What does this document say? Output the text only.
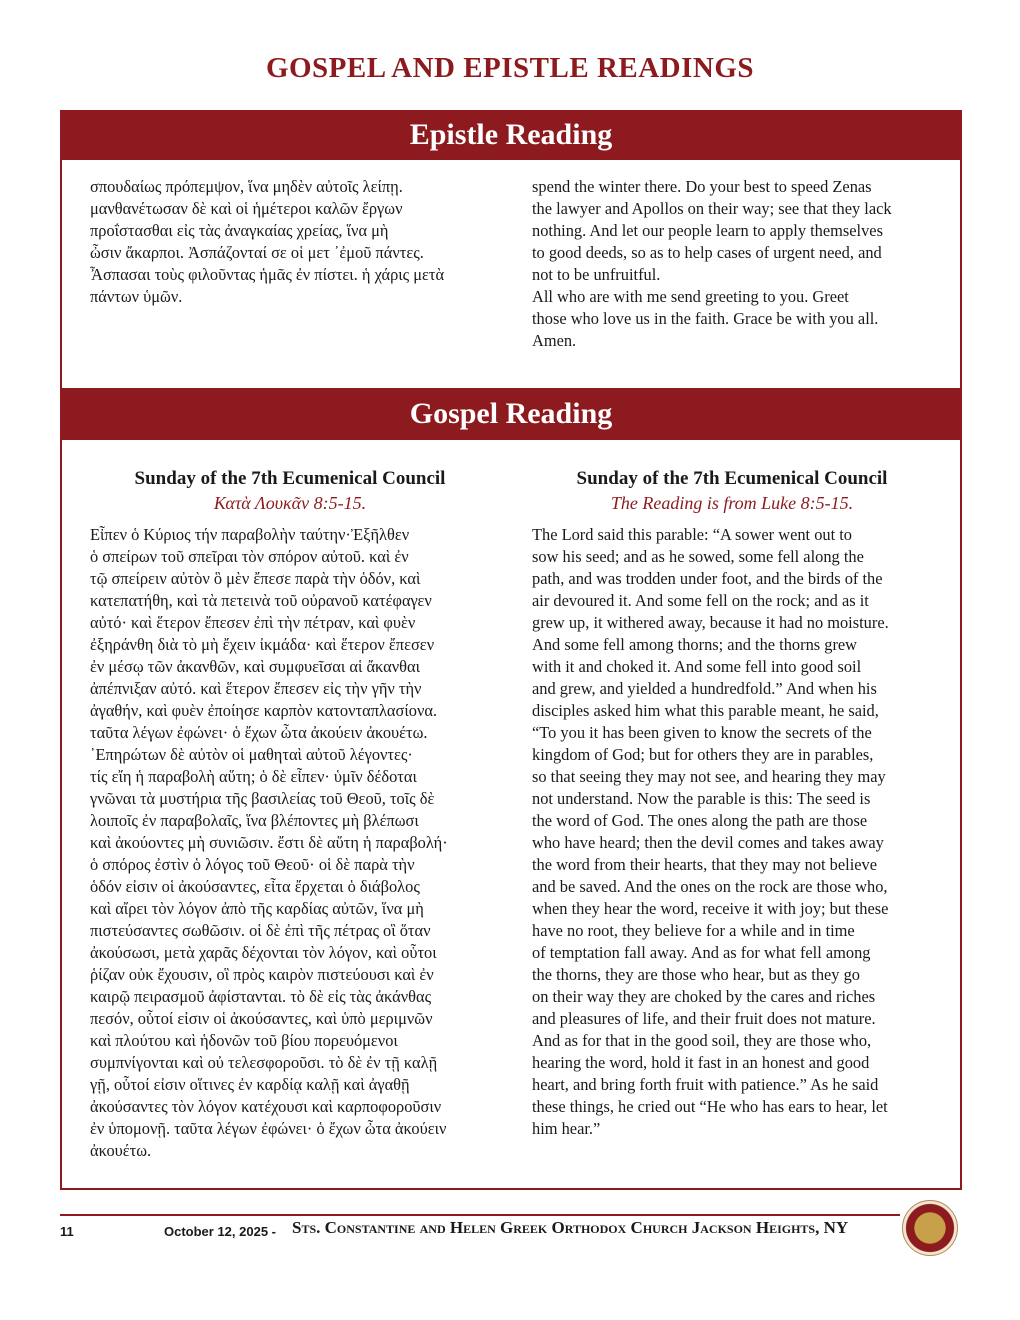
GOSPEL AND EPISTLE READINGS
Epistle Reading
σπουδαίως πρόπεμψον, ἵνα μηδὲν αὐτοῖς λείπῃ.
μανθανέτωσαν δὲ καὶ οἱ ἡμέτεροι καλῶν ἔργων
προΐστασθαι εἰς τὰς ἀναγκαίας χρείας, ἵνα μὴ
ὦσιν ἄκαρποι. Ἀσπάζονταί σε οἱ μετ ᾽ἐμοῦ πάντες.
Ἆσπασαι τοὺς φιλοῦντας ἡμᾶς ἐν πίστει. ἡ χάρις μετὰ
πάντων ὑμῶν.
spend the winter there. Do your best to speed Zenas
the lawyer and Apollos on their way; see that they lack
nothing. And let our people learn to apply themselves
to good deeds, so as to help cases of urgent need, and
not to be unfruitful.
All who are with me send greeting to you. Greet
those who love us in the faith. Grace be with you all.
Amen.
Gospel Reading
Sunday of the 7th Ecumenical Council
Κατὰ Λουκᾶν 8:5-15.
Sunday of the 7th Ecumenical Council
The Reading is from Luke 8:5-15.
Εἶπεν ὁ Κύριος τήν παραβολὴν ταύτην·Ἐξῆλθεν
ὁ σπείρων τοῦ σπεῖραι τὸν σπόρον αὐτοῦ. καὶ ἐν
τῷ σπείρειν αὐτὸν ὃ μὲν ἔπεσε παρὰ τὴν ὁδόν, καὶ
κατεπατήθη, καὶ τὰ πετεινὰ τοῦ οὐρανοῦ κατέφαγεν
αὐτό· καὶ ἕτερον ἔπεσεν ἐπὶ τὴν πέτραν, καὶ φυὲν
ἐξηράνθη διὰ τὸ μὴ ἔχειν ἰκμάδα· καὶ ἕτερον ἔπεσεν
ἐν μέσῳ τῶν ἀκανθῶν, καὶ συμφυεῖσαι αἱ ἄκανθαι
ἀπέπνιξαν αὐτό. καὶ ἕτερον ἔπεσεν εἰς τὴν γῆν τὴν
ἀγαθήν, καὶ φυὲν ἐποίησε καρπὸν κατονταπλασίονα.
ταῦτα λέγων ἐφώνει· ὁ ἔχων ὦτα ἀκούειν ἀκουέτω.
᾿Επηρώτων δὲ αὐτὸν οἱ μαθηταὶ αὐτοῦ λέγοντες·
τίς εἴη ἡ παραβολὴ αὕτη; ὁ δὲ εἶπεν· ὑμῖν δέδοται
γνῶναι τὰ μυστήρια τῆς βασιλείας τοῦ Θεοῦ, τοῖς δὲ
λοιποῖς ἐν παραβολαῖς, ἵνα βλέποντες μὴ βλέπωσι
καὶ ἀκούοντες μὴ συνιῶσιν. ἔστι δὲ αὕτη ἡ παραβολή·
ὁ σπόρος ἐστὶν ὁ λόγος τοῦ Θεοῦ· οἱ δὲ παρὰ τὴν
ὁδόν εἰσιν οἱ ἀκούσαντες, εἶτα ἔρχεται ὁ διάβολος
καὶ αἴρει τὸν λόγον ἀπὸ τῆς καρδίας αὐτῶν, ἵνα μὴ
πιστεύσαντες σωθῶσιν. οἱ δὲ ἐπὶ τῆς πέτρας οἳ ὅταν
ἀκούσωσι, μετὰ χαρᾶς δέχονται τὸν λόγον, καὶ οὗτοι
ῥίζαν οὐκ ἔχουσιν, οἳ πρὸς καιρὸν πιστεύουσι καὶ ἐν
καιρῷ πειρασμοῦ ἀφίστανται. τὸ δὲ εἰς τὰς ἀκάνθας
πεσόν, οὗτοί εἰσιν οἱ ἀκούσαντες, καὶ ὑπὸ μεριμνῶν
καὶ πλούτου καὶ ἡδονῶν τοῦ βίου πορευόμενοι
συμπνίγονται καὶ οὐ τελεσφοροῦσι. τὸ δὲ ἐν τῇ καλῇ
γῇ, οὗτοί εἰσιν οἵτινες ἐν καρδίᾳ καλῇ καὶ ἀγαθῇ
ἀκούσαντες τὸν λόγον κατέχουσι καὶ καρποφοροῦσιν
ἐν ὑπομονῇ. ταῦτα λέγων ἐφώνει· ὁ ἔχων ὦτα ἀκούειν
ἀκουέτω.
The Lord said this parable: “A sower went out to
sow his seed; and as he sowed, some fell along the
path, and was trodden under foot, and the birds of the
air devoured it. And some fell on the rock; and as it
grew up, it withered away, because it had no moisture.
And some fell among thorns; and the thorns grew
with it and choked it. And some fell into good soil
and grew, and yielded a hundredfold.” And when his
disciples asked him what this parable meant, he said,
“To you it has been given to know the secrets of the
kingdom of God; but for others they are in parables,
so that seeing they may not see, and hearing they may
not understand. Now the parable is this: The seed is
the word of God. The ones along the path are those
who have heard; then the devil comes and takes away
the word from their hearts, that they may not believe
and be saved. And the ones on the rock are those who,
when they hear the word, receive it with joy; but these
have no root, they believe for a while and in time
of temptation fall away. And as for what fell among
the thorns, they are those who hear, but as they go
on their way they are choked by the cares and riches
and pleasures of life, and their fruit does not mature.
And as for that in the good soil, they are those who,
hearing the word, hold it fast in an honest and good
heart, and bring forth fruit with patience.” As he said
these things, he cried out “He who has ears to hear, let
him hear.”
11	October 12, 2025 - Sts. Constantine and Helen Greek Orthodox Church Jackson Heights, NY
